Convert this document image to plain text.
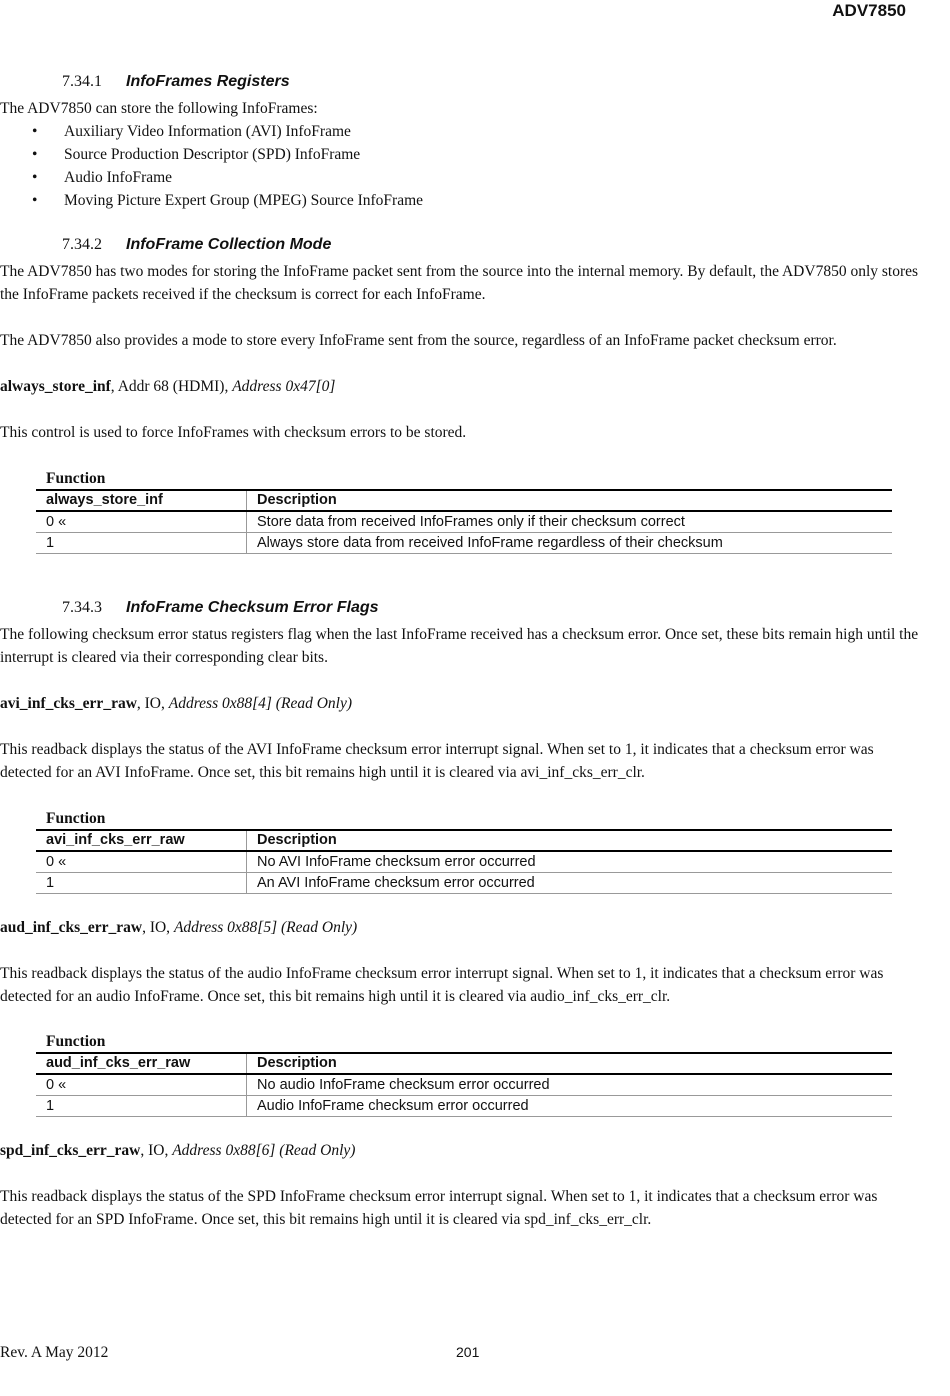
ADV7850
7.34.1 InfoFrames Registers

The ADV7850 can store the following InfoFrames:

• Auxiliary Video Information (AVI) InfoFrame
• Source Production Descriptor (SPD) InfoFrame
• Audio InfoFrame
• Moving Picture Expert Group (MPEG) Source InfoFrame
7.34.2 InfoFrame Collection Mode

The ADV7850 has two modes for storing the InfoFrame packet sent from the source into the internal memory. By default, the ADV7850 only stores the InfoFrame packets received if the checksum is correct for each InfoFrame.

The ADV7850 also provides a mode to store every InfoFrame sent from the source, regardless of an InfoFrame packet checksum error.

always_store_inf, Addr 68 (HDMI), Address 0x47[0]

This control is used to force InfoFrames with checksum errors to be stored.

Function
always_store_inf	Description
0 «	Store data from received InfoFrames only if their checksum correct
1	Always store data from received InfoFrame regardless of their checksum
7.34.3 InfoFrame Checksum Error Flags

The following checksum error status registers flag when the last InfoFrame received has a checksum error. Once set, these bits remain high until the interrupt is cleared via their corresponding clear bits.

avi_inf_cks_err_raw, IO, Address 0x88[4] (Read Only)

This readback displays the status of the AVI InfoFrame checksum error interrupt signal. When set to 1, it indicates that a checksum error was detected for an AVI InfoFrame. Once set, this bit remains high until it is cleared via avi_inf_cks_err_clr.

Function
avi_inf_cks_err_raw	Description
0 «	No AVI InfoFrame checksum error occurred
1	An AVI InfoFrame checksum error occurred
aud_inf_cks_err_raw, IO, Address 0x88[5] (Read Only)

This readback displays the status of the audio InfoFrame checksum error interrupt signal. When set to 1, it indicates that a checksum error was detected for an audio InfoFrame. Once set, this bit remains high until it is cleared via audio_inf_cks_err_clr.

Function
aud_inf_cks_err_raw	Description
0 «	No audio InfoFrame checksum error occurred
1	Audio InfoFrame checksum error occurred
spd_inf_cks_err_raw, IO, Address 0x88[6] (Read Only)

This readback displays the status of the SPD InfoFrame checksum error interrupt signal. When set to 1, it indicates that a checksum error was detected for an SPD InfoFrame. Once set, this bit remains high until it is cleared via spd_inf_cks_err_clr.

Rev. A May 2012	201
